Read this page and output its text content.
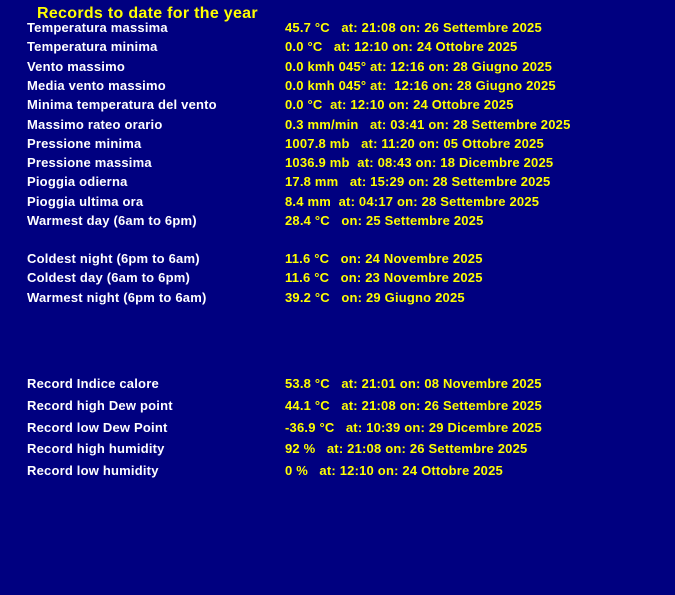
Records to date for the year
Temperatura massima	45.7 °C   at: 21:08 on: 26 Settembre 2025
Temperatura minima	0.0 °C   at: 12:10 on: 24 Ottobre 2025
Vento massimo	0.0 kmh 045° at: 12:16 on: 28 Giugno 2025
Media vento massimo	0.0 kmh 045° at:  12:16 on: 28 Giugno 2025
Minima temperatura del vento	0.0 °C  at: 12:10 on: 24 Ottobre 2025
Massimo rateo orario	0.3 mm/min   at: 03:41 on: 28 Settembre 2025
Pressione minima	1007.8 mb   at: 11:20 on: 05 Ottobre 2025
Pressione massima	1036.9 mb  at: 08:43 on: 18 Dicembre 2025
Pioggia odierna	17.8 mm   at: 15:29 on: 28 Settembre 2025
Pioggia ultima ora	8.4 mm  at: 04:17 on: 28 Settembre 2025
Warmest day (6am to 6pm)	28.4 °C   on: 25 Settembre 2025
Coldest night (6pm to 6am)	11.6 °C   on: 24 Novembre 2025
Coldest day (6am to 6pm)	11.6 °C   on: 23 Novembre 2025
Warmest night (6pm to 6am)	39.2 °C   on: 29 Giugno 2025
Record Indice calore	53.8 °C   at: 21:01 on: 08 Novembre 2025
Record high Dew point	44.1 °C   at: 21:08 on: 26 Settembre 2025
Record low Dew Point	-36.9 °C   at: 10:39 on: 29 Dicembre 2025
Record high humidity	92 %   at: 21:08 on: 26 Settembre 2025
Record low humidity	0 %   at: 12:10 on: 24 Ottobre 2025
